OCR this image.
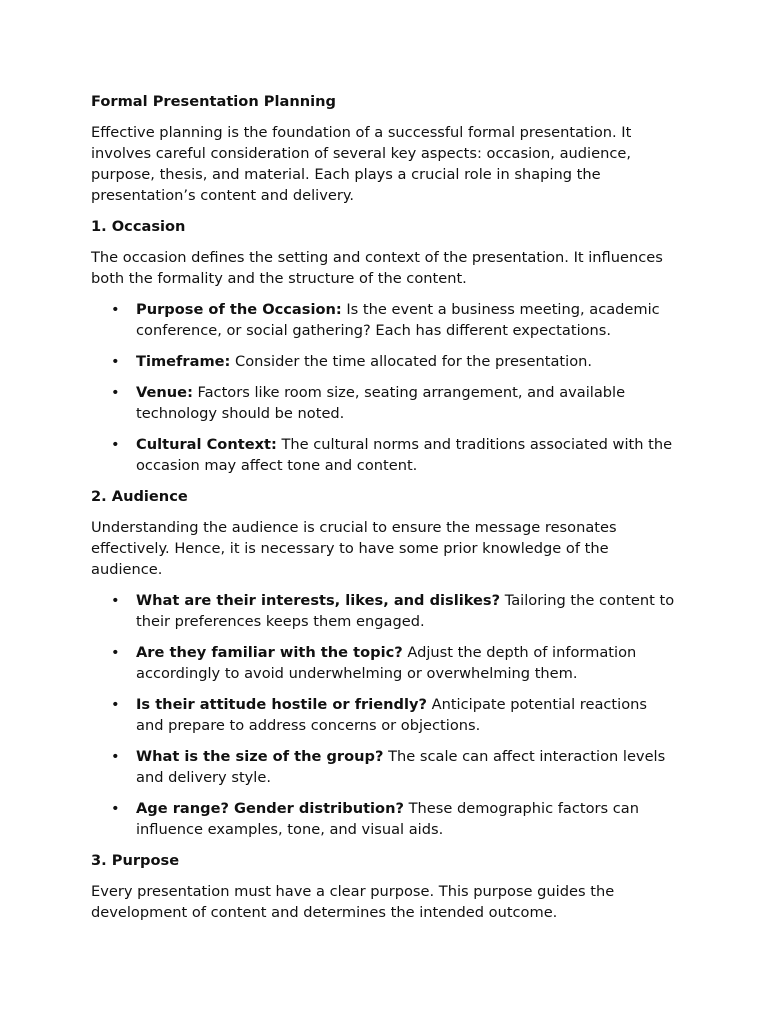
Formal Presentation Planning

Effective planning is the foundation of a successful formal presentation. It involves careful consideration of several key aspects: occasion, audience, purpose, thesis, and material. Each plays a crucial role in shaping the presentation’s content and delivery.

1. Occasion

The occasion defines the setting and context of the presentation. It influences both the formality and the structure of the content.

• Purpose of the Occasion: Is the event a business meeting, academic conference, or social gathering? Each has different expectations.
• Timeframe: Consider the time allocated for the presentation.
• Venue: Factors like room size, seating arrangement, and available technology should be noted.
• Cultural Context: The cultural norms and traditions associated with the occasion may affect tone and content.
2. Audience

Understanding the audience is crucial to ensure the message resonates effectively. Hence, it is necessary to have some prior knowledge of the audience.

• What are their interests, likes, and dislikes? Tailoring the content to their preferences keeps them engaged.
• Are they familiar with the topic? Adjust the depth of information accordingly to avoid underwhelming or overwhelming them.
• Is their attitude hostile or friendly? Anticipate potential reactions and prepare to address concerns or objections.
• What is the size of the group? The scale can affect interaction levels and delivery style.
• Age range? Gender distribution? These demographic factors can influence examples, tone, and visual aids.
3. Purpose

Every presentation must have a clear purpose. This purpose guides the development of content and determines the intended outcome.
